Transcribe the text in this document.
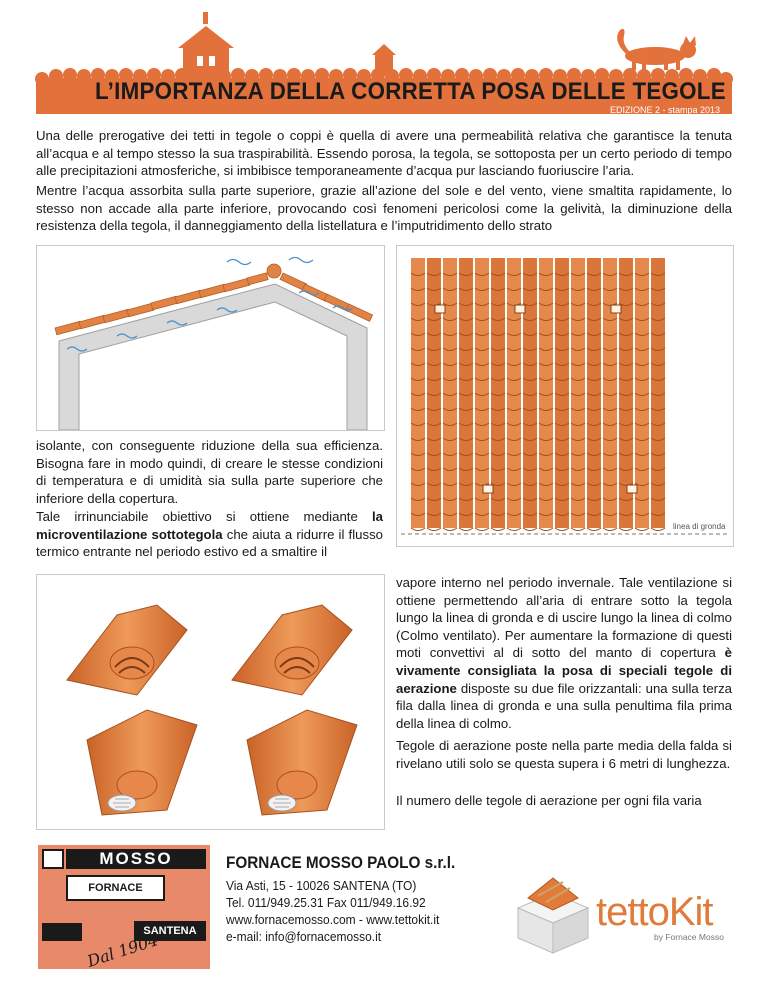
L’IMPORTANZA DELLA CORRETTA POSA DELLE TEGOLE
EDIZIONE 2 - stampa 2013

Una delle prerogative dei tetti in tegole o coppi è quella di avere una permeabilità relativa che garantisce la tenuta all’acqua e al tempo stesso la sua traspirabilità. Essendo porosa, la tegola, se sottoposta per un certo periodo di tempo alle precipitazioni atmosferiche, si imbibisce temporaneamente d’acqua pur lasciando fuoriuscire l’aria.

Mentre l’acqua assorbita sulla parte superiore, grazie all’azione del sole e del vento, viene smaltita rapidamente, lo stesso non accade alla parte inferiore, provocando così fenomeni pericolosi come la gelività, la diminuzione della resistenza della tegola, il danneggiamento della listellatura e l’imputridimento dello strato

linea di gronda

isolante, con conseguente riduzione della sua efficienza. Bisogna fare in modo quindi, di creare le stesse condizioni di temperatura e di umidità sia sulla parte superiore che inferiore della copertura.

Tale irrinunciabile obiettivo si ottiene mediante la microventilazione sottotegola che aiuta a ridurre il flusso termico entrante nel periodo estivo ed a smaltire il

vapore interno nel periodo invernale. Tale ventilazione si ottiene permettendo all’aria di entrare sotto la tegola lungo la linea di gronda e di uscire lungo la linea di colmo (Colmo ventilato). Per aumentare la formazione di questi moti convettivi al di sotto del manto di copertura è vivamente consigliata la posa di speciali tegole di aerazione disposte su due file orizzantali: una sulla terza fila dalla linea di gronda e una sulla penultima fila prima della linea di colmo.

Tegole di aerazione poste nella parte media della falda si rivelano utili solo se questa supera i 6 metri di lunghezza.

Il numero delle tegole di aerazione per ogni fila varia

MOSSO
FORNACE
SANTENA
Dal 1904
FORNACE MOSSO PAOLO s.r.l.
Via Asti, 15 - 10026 SANTENA (TO)
Tel. 011/949.25.31 Fax 011/949.16.92
www.fornacemosso.com - www.tettokit.it
e-mail: info@fornacemosso.it
tettoKit
by Fornace Mosso
